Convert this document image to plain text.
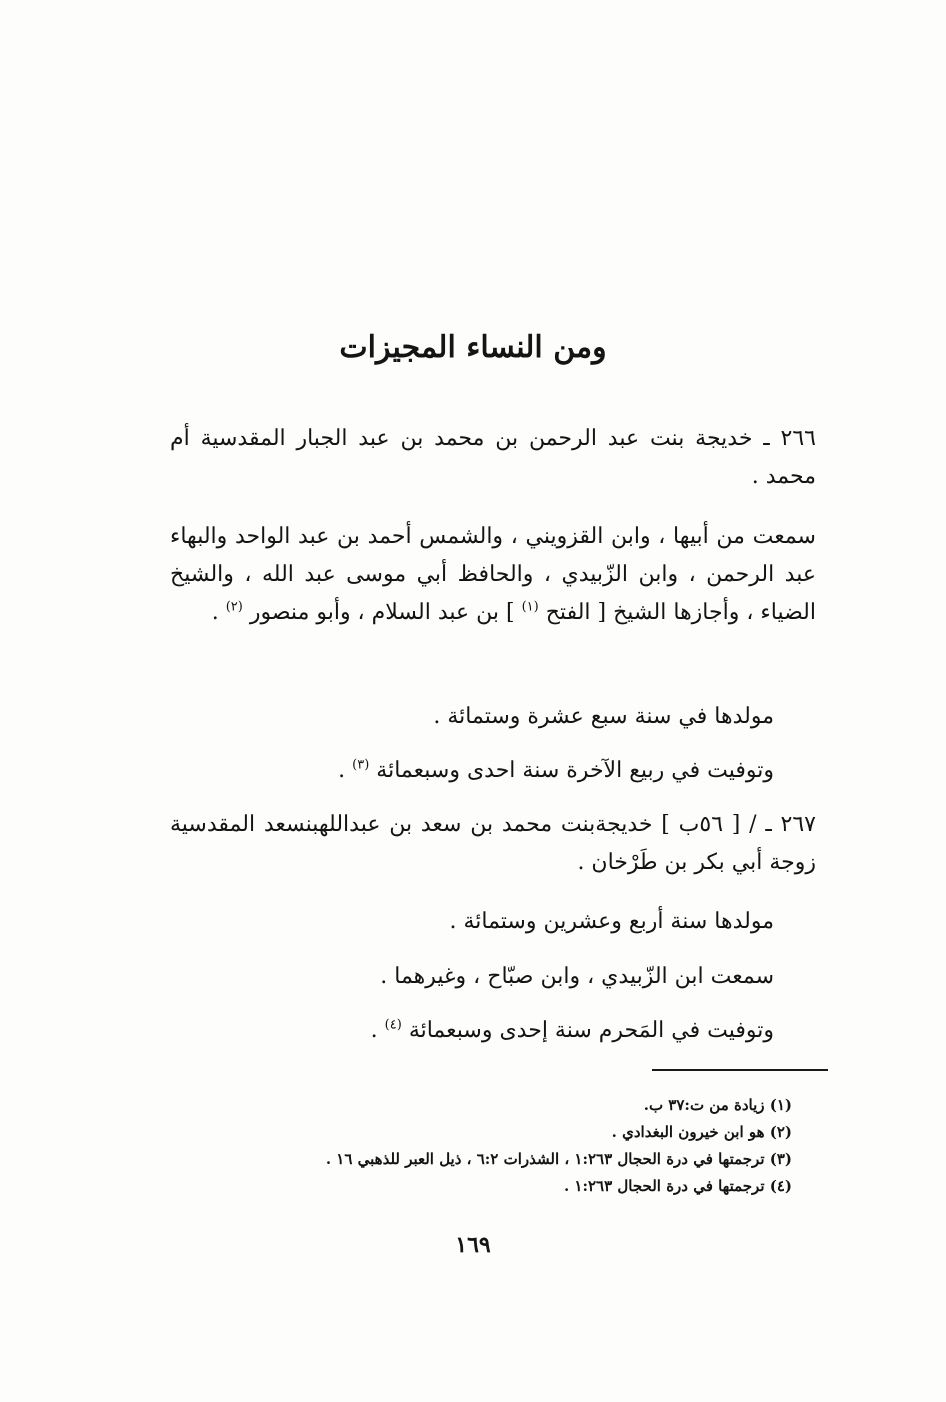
ومن النساء المجيزات

٢٦٦ ـ خديجة بنت عبد الرحمن بن محمد بن عبد الجبار المقدسية أم محمد .

سمعت من أبيها ، وابن القزويني ، والشمس أحمد بن عبد الواحد والبهاء عبد الرحمن ، وابن الزّبيدي ، والحافظ أبي موسى عبد الله ، والشيخ الضياء ، وأجازها الشيخ [ الفتح $^{(١)}$ ] بن عبد السلام ، وأبو منصور $^{(٢)}$ .

مولدها في سنة سبع عشرة وستمائة .

وتوفيت في ربيع الآخرة سنة احدى وسبعمائة $^{(٣)}$ .

٢٦٧ ـ / [ ٥٦ب ] خديجةبنت محمد بن سعد بن عبداللهبنسعد المقدسية زوجة أبي بكر بن طَرْخان .

مولدها سنة أربع وعشرين وستمائة .

سمعت ابن الزّبيدي ، وابن صبّاح ، وغيرهما .

وتوفيت في المَحرم سنة إحدى وسبعمائة $^{(٤)}$ .

(١) زيادة من ت:٣٧ ب.
(٢) هو ابن خيرون البغدادي .
(٣) ترجمتها في درة الحجال ١:٢٦٣ ، الشذرات ٦:٢ ، ذيل العبر للذهبي ١٦ .
(٤) ترجمتها في درة الحجال ١:٢٦٣ .
١٦٩
